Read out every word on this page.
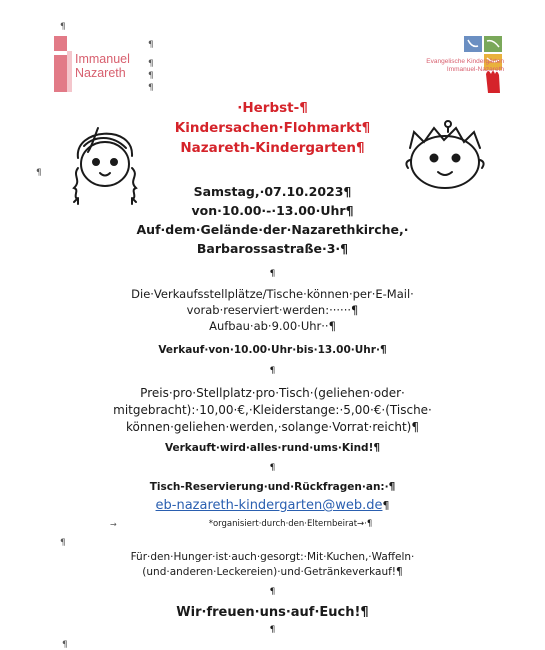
¶
¶
¶
¶
¶
¶
¶
¶
Immanuel
Nazareth
Evangelische Kindergärten
Immanuel-Nazareth
·Herbst-¶
Kindersachen·Flohmarkt¶
Nazareth-Kindergarten¶
Samstag,·07.10.2023¶
von·10.00·-·13.00·Uhr¶
Auf·dem·Gelände·der·Nazarethkirche,·
Barbarossastraße·3·¶
¶
Die·Verkaufsstellplätze/Tische·können·per·E-Mail·
vorab·reserviert·werden:······¶
Aufbau·ab·9.00·Uhr··¶
Verkauf·von·10.00·Uhr·bis·13.00·Uhr·¶
¶
Preis·pro·Stellplatz·pro·Tisch·(geliehen·oder·
mitgebracht):·10,00·€,·Kleiderstange:·5,00·€·(Tische·
können·geliehen·werden,·solange·Vorrat·reicht)¶
Verkauft·wird·alles·rund·ums·Kind!¶
¶
Tisch-Reservierung·und·Rückfragen·an:·¶
eb-nazareth-kindergarten@web.de¶
→	*organisiert·durch·den·Elternbeirat→·¶
Für·den·Hunger·ist·auch·gesorgt:·Mit·Kuchen,·Waffeln·
(und·anderen·Leckereien)·und·Getränkeverkauf!¶
¶
Wir·freuen·uns·auf·Euch!¶
¶
